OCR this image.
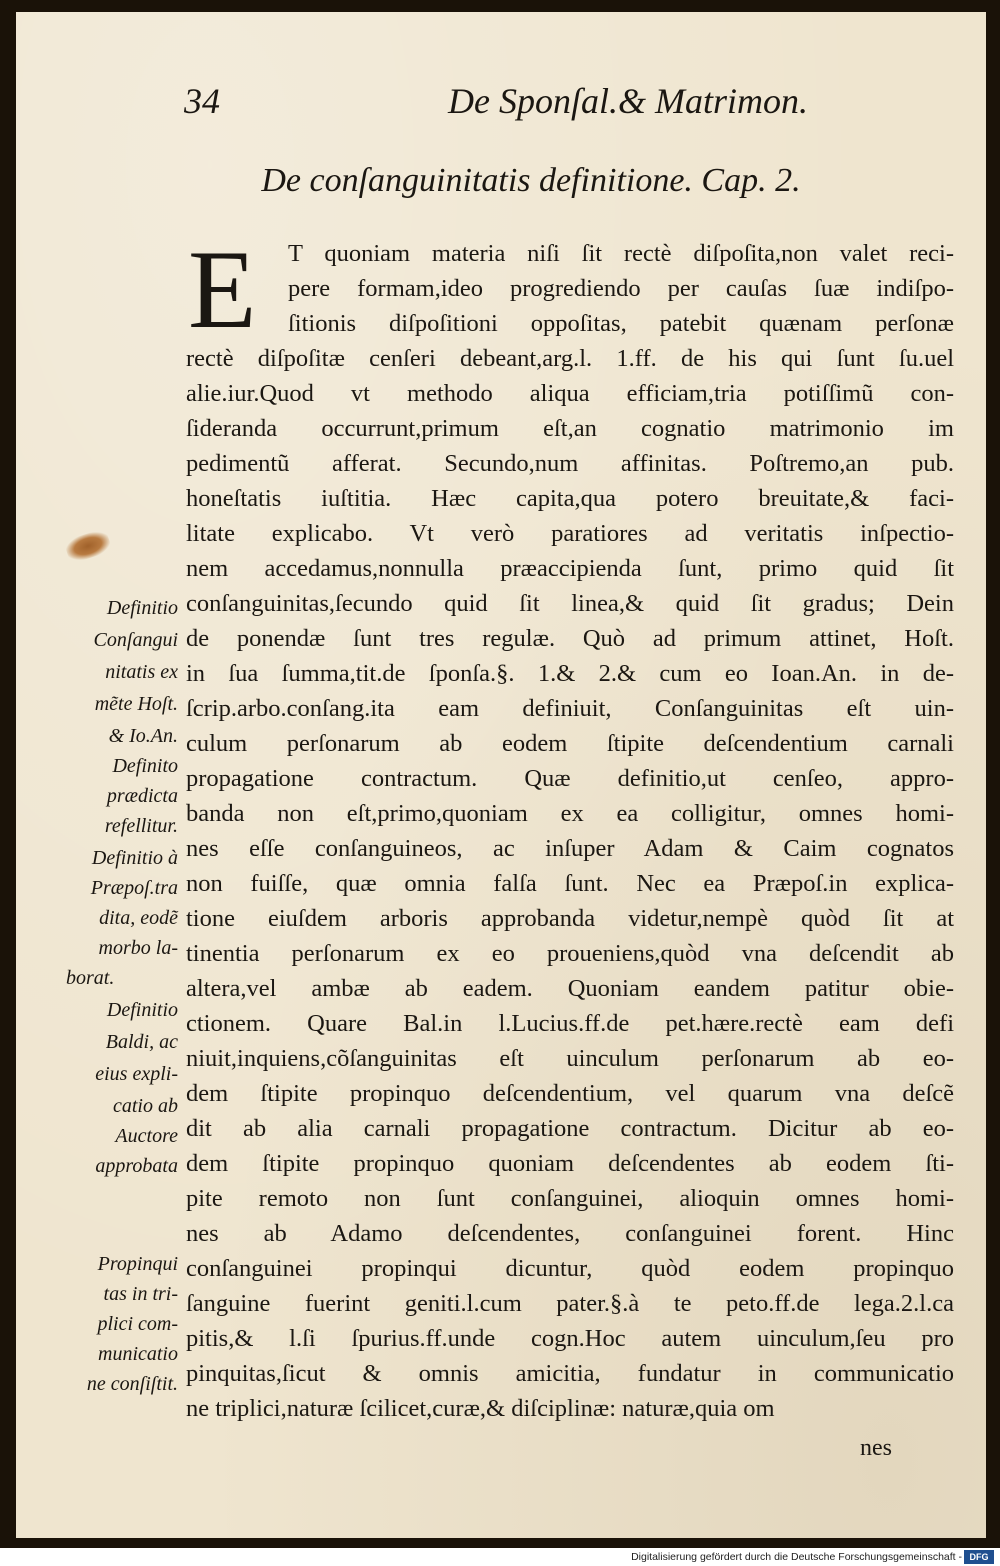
34	De Sponſal.& Matrimon.
De conſanguinitatis definitione. Cap. 2.
E T quoniam materia niſi ſit rectè diſpoſita,non valet reci-
pere formam,ideo progrediendo per cauſas ſuæ indiſpo-
ſitionis diſpoſitioni oppoſitas, patebit quænam perſonæ
rectè diſpoſitæ cenſeri debeant,arg.l. 1.ff. de his qui ſunt ſu.uel
alie.iur.Quod vt methodo aliqua efficiam,tria potiſſimũ con-
ſideranda occurrunt,primum eſt,an cognatio matrimonio im
pedimentũ afferat. Secundo,num affinitas. Poſtremo,an pub.
honeſtatis iuſtitia. Hæc capita,qua potero breuitate,& faci-
litate explicabo. Vt verò paratiores ad veritatis inſpectio-
nem accedamus,nonnulla præaccipienda ſunt, primo quid ſit
conſanguinitas,ſecundo quid ſit linea,& quid ſit gradus; Dein
de ponendæ ſunt tres regulæ. Quò ad primum attinet, Hoſt.
in ſua ſumma,tit.de ſponſa.§. 1.& 2.& cum eo Ioan.An. in de-
ſcrip.arbo.conſang.ita eam definiuit, Conſanguinitas eſt uin-
culum perſonarum ab eodem ſtipite deſcendentium carnali
propagatione contractum. Quæ definitio,ut cenſeo, appro-
banda non eſt,primo,quoniam ex ea colligitur, omnes homi-
nes eſſe conſanguineos, ac inſuper Adam & Caim cognatos
non fuiſſe, quæ omnia falſa ſunt. Nec ea Præpoſ.in explica-
tione eiuſdem arboris approbanda videtur,nempè quòd ſit at
tinentia perſonarum ex eo proueniens,quòd vna deſcendit ab
altera,vel ambæ ab eadem. Quoniam eandem patitur obie-
ctionem. Quare Bal.in l.Lucius.ff.de pet.hære.rectè eam defi
niuit,inquiens,cõſanguinitas eſt uinculum perſonarum ab eo-
dem ſtipite propinquo deſcendentium, vel quarum vna deſcẽ
dit ab alia carnali propagatione contractum. Dicitur ab eo-
dem ſtipite propinquo quoniam deſcendentes ab eodem ſti-
pite remoto non ſunt conſanguinei, alioquin omnes homi-
nes ab Adamo deſcendentes, conſanguinei forent. Hinc
conſanguinei propinqui dicuntur, quòd eodem propinquo
ſanguine fuerint geniti.l.cum pater.§.à te peto.ff.de lega.2.l.ca
pitis,& l.ſi ſpurius.ff.unde cogn.Hoc autem uinculum,ſeu pro
pinquitas,ſicut & omnis amicitia, fundatur in communicatio
ne triplici,naturæ ſcilicet,curæ,& diſciplinæ: naturæ,quia om
nes
Definitio
Conſangui
nitatis ex
mẽte Hoſt.
& Io.An.
Definito
prædicta
refellitur.
Definitio à
Præpoſ.tra
dita, eodẽ
morbo la-
borat.
Definitio
Baldi, ac
eius expli-
catio ab
Auctore
approbata
Propinqui
tas in tri-
plici com-
municatio
ne conſiſtit.
Digitalisierung gefördert durch die Deutsche Forschungsgemeinschaft - DFG
